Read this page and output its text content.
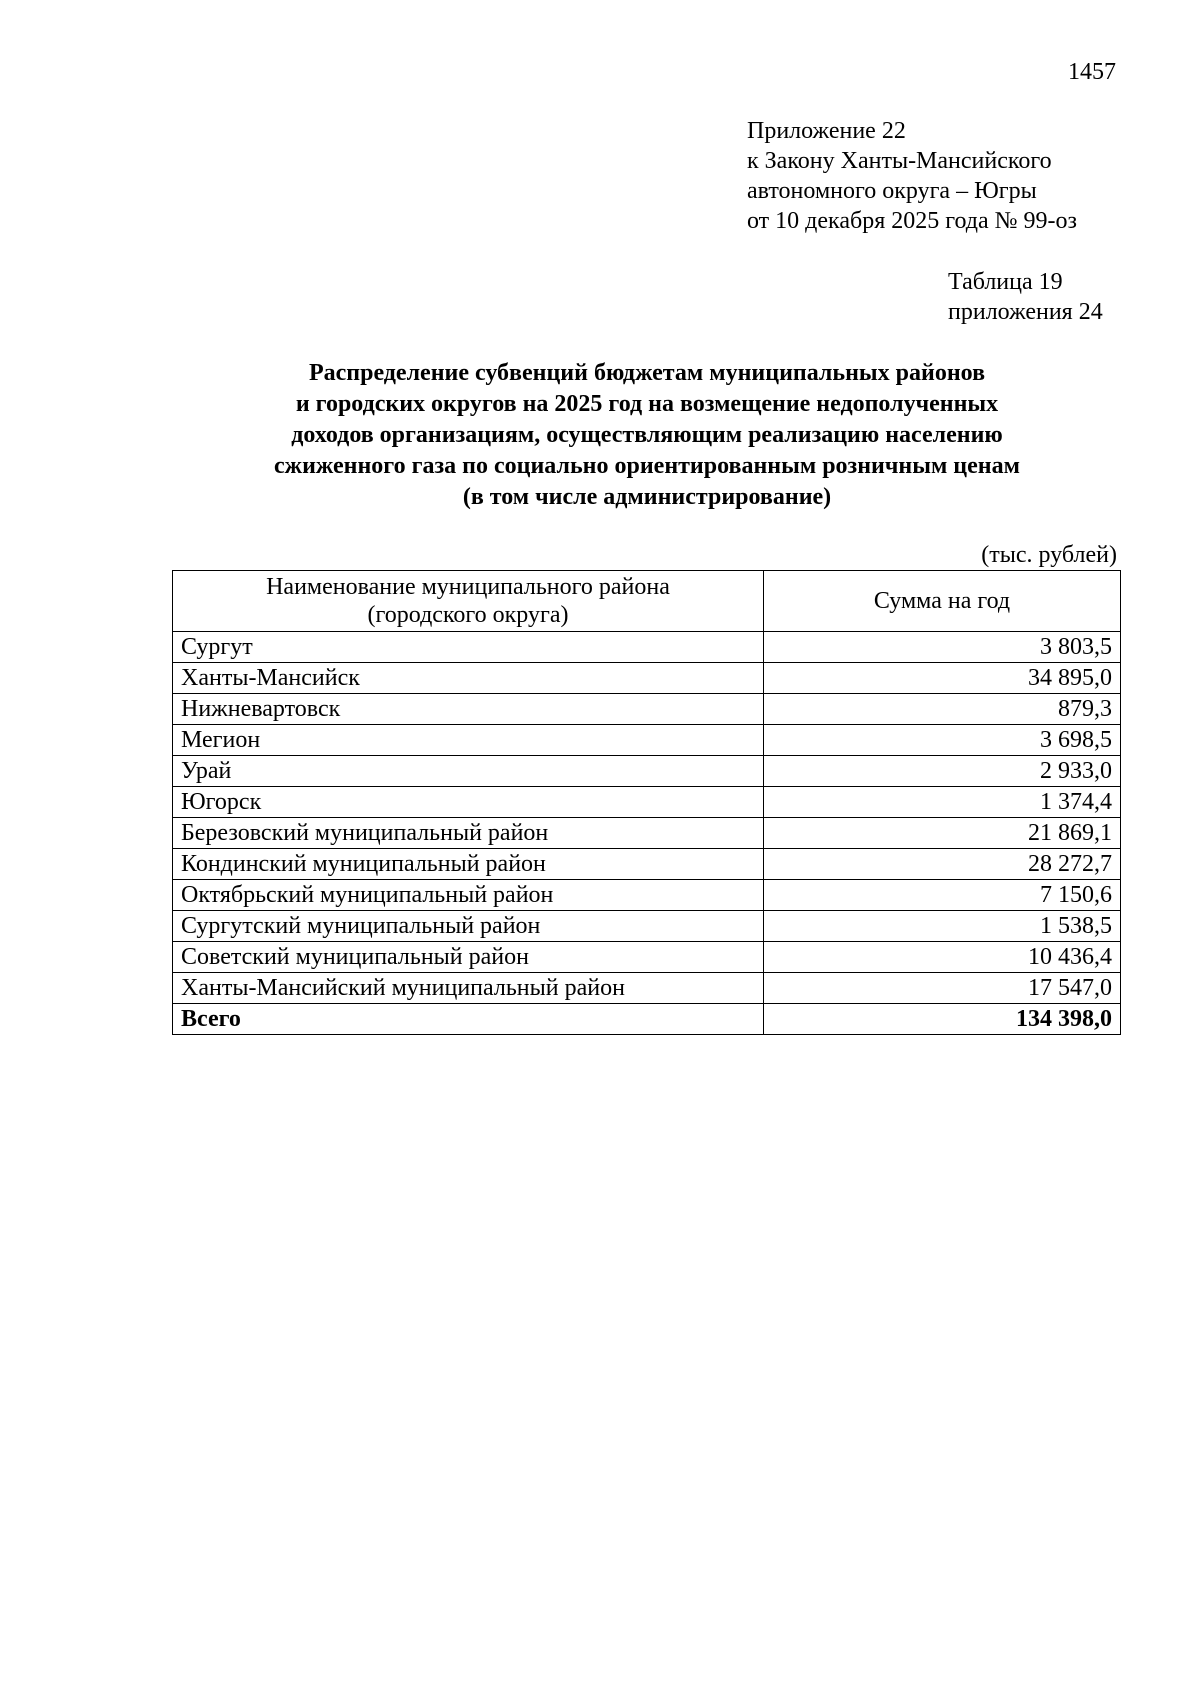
1457
Приложение 22
к Закону Ханты-Мансийского
автономного округа – Югры
от 10 декабря 2025 года № 99-оз
Таблица 19
приложения 24
Распределение субвенций бюджетам муниципальных районов
и городских округов на 2025 год на возмещение недополученных
доходов организациям, осуществляющим реализацию населению
сжиженного газа по социально ориентированным розничным ценам
(в том числе администрирование)
(тыс. рублей)
Наименование муниципального района
(городского округа)	Сумма на год
Сургут	3 803,5
Ханты-Мансийск	34 895,0
Нижневартовск	879,3
Мегион	3 698,5
Урай	2 933,0
Югорск	1 374,4
Березовский муниципальный район	21 869,1
Кондинский муниципальный район	28 272,7
Октябрьский муниципальный район	7 150,6
Сургутский муниципальный район	1 538,5
Советский муниципальный район	10 436,4
Ханты-Мансийский муниципальный район	17 547,0
Всего	134 398,0
